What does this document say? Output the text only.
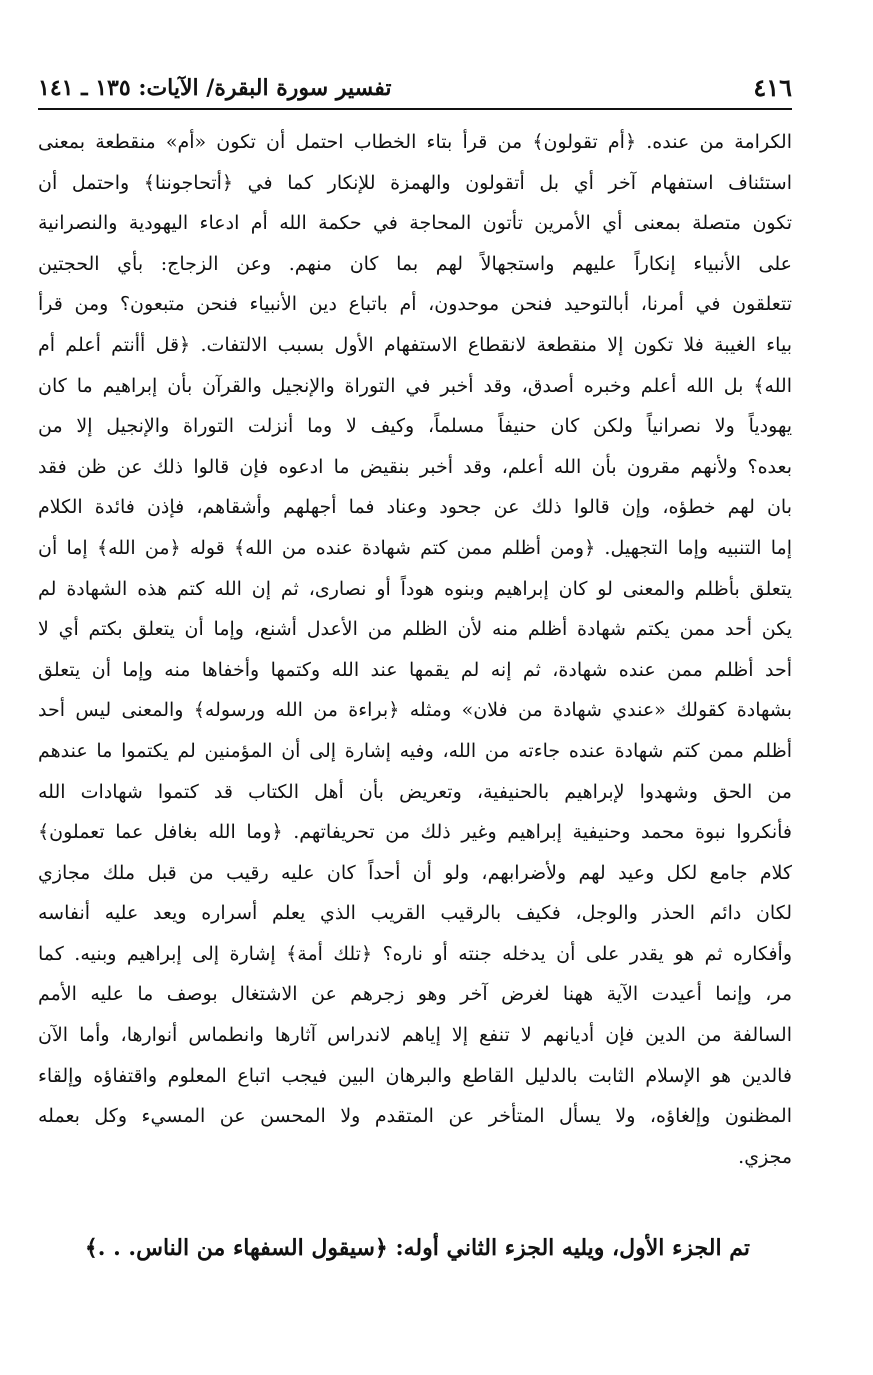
٤١٦
تفسير سورة البقرة/ الآيات: ١٣٥ ـ ١٤١
الكرامة من عنده. ﴿أم تقولون﴾ من قرأ بتاء الخطاب احتمل أن تكون «أم» منقطعة بمعنى
استئناف استفهام آخر أي بل أتقولون والهمزة للإنكار كما في ﴿أتحاجوننا﴾ واحتمل أن
تكون متصلة بمعنى أي الأمرين تأتون المحاجة في حكمة الله أم ادعاء اليهودية والنصرانية
على الأنبياء إنكاراً عليهم واستجهالاً لهم بما كان منهم. وعن الزجاج: بأي الحجتين
تتعلقون في أمرنا، أبالتوحيد فنحن موحدون، أم باتباع دين الأنبياء فنحن متبعون؟ ومن قرأ
بياء الغيبة فلا تكون إلا منقطعة لانقطاع الاستفهام الأول بسبب الالتفات. ﴿قل أأنتم أعلم أم
الله﴾ بل الله أعلم وخبره أصدق، وقد أخبر في التوراة والإنجيل والقرآن بأن إبراهيم ما كان
يهودياً ولا نصرانياً ولكن كان حنيفاً مسلماً، وكيف لا وما أنزلت التوراة والإنجيل إلا من
بعده؟ ولأنهم مقرون بأن الله أعلم، وقد أخبر بنقيض ما ادعوه فإن قالوا ذلك عن ظن فقد
بان لهم خطؤه، وإن قالوا ذلك عن جحود وعناد فما أجهلهم وأشقاهم، فإذن فائدة الكلام
إما التنبيه وإما التجهيل. ﴿ومن أظلم ممن كتم شهادة عنده من الله﴾ قوله ﴿من الله﴾ إما أن
يتعلق بأظلم والمعنى لو كان إبراهيم وبنوه هوداً أو نصارى، ثم إن الله كتم هذه الشهادة لم
يكن أحد ممن يكتم شهادة أظلم منه لأن الظلم من الأعدل أشنع، وإما أن يتعلق بكتم أي لا
أحد أظلم ممن عنده شهادة، ثم إنه لم يقمها عند الله وكتمها وأخفاها منه وإما أن يتعلق
بشهادة كقولك «عندي شهادة من فلان» ومثله ﴿براءة من الله ورسوله﴾ والمعنى ليس أحد
أظلم ممن كتم شهادة عنده جاءته من الله، وفيه إشارة إلى أن المؤمنين لم يكتموا ما عندهم
من الحق وشهدوا لإبراهيم بالحنيفية، وتعريض بأن أهل الكتاب قد كتموا شهادات الله
فأنكروا نبوة محمد وحنيفية إبراهيم وغير ذلك من تحريفاتهم. ﴿وما الله بغافل عما تعملون﴾
كلام جامع لكل وعيد لهم ولأضرابهم، ولو أن أحداً كان عليه رقيب من قبل ملك مجازي
لكان دائم الحذر والوجل، فكيف بالرقيب القريب الذي يعلم أسراره ويعد عليه أنفاسه
وأفكاره ثم هو يقدر على أن يدخله جنته أو ناره؟ ﴿تلك أمة﴾ إشارة إلى إبراهيم وبنيه. كما
مر، وإنما أعيدت الآية ههنا لغرض آخر وهو زجرهم عن الاشتغال بوصف ما عليه الأمم
السالفة من الدين فإن أديانهم لا تنفع إلا إياهم لاندراس آثارها وانطماس أنوارها، وأما الآن
فالدين هو الإسلام الثابت بالدليل القاطع والبرهان البين فيجب اتباع المعلوم واقتفاؤه وإلقاء
المظنون وإلغاؤه، ولا يسأل المتأخر عن المتقدم ولا المحسن عن المسيء وكل بعمله
مجزي.
تم الجزء الأول، ويليه الجزء الثاني أوله: ﴿سيقول السفهاء من الناس. . .﴾
